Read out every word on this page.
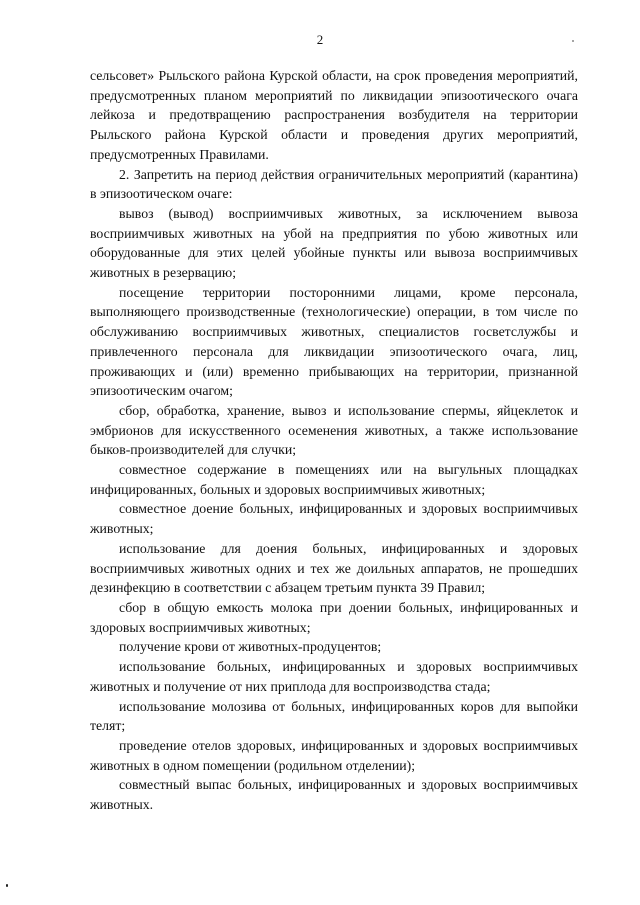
2

сельсовет» Рыльского района Курской области, на срок проведения мероприятий, предусмотренных планом мероприятий по ликвидации эпизоотического очага лейкоза и предотвращению распространения возбудителя на территории Рыльского района Курской области и проведения других мероприятий, предусмотренных Правилами.

2. Запретить на период действия ограничительных мероприятий (карантина) в эпизоотическом очаге:

вывоз (вывод) восприимчивых животных, за исключением вывоза восприимчивых животных на убой на предприятия по убою животных или оборудованные для этих целей убойные пункты или вывоза восприимчивых животных в резервацию;

посещение территории посторонними лицами, кроме персонала, выполняющего производственные (технологические) операции, в том числе по обслуживанию восприимчивых животных, специалистов госветслужбы и привлеченного персонала для ликвидации эпизоотического очага, лиц, проживающих и (или) временно прибывающих на территории, признанной эпизоотическим очагом;

сбор, обработка, хранение, вывоз и использование спермы, яйцеклеток и эмбрионов для искусственного осеменения животных, а также использование быков-производителей для случки;

совместное содержание в помещениях или на выгульных площадках инфицированных, больных и здоровых восприимчивых животных;

совместное доение больных, инфицированных и здоровых восприимчивых животных;

использование для доения больных, инфицированных и здоровых восприимчивых животных одних и тех же доильных аппаратов, не прошедших дезинфекцию в соответствии с абзацем третьим пункта 39 Правил;

сбор в общую емкость молока при доении больных, инфицированных и здоровых восприимчивых животных;

получение крови от животных-продуцентов;

использование больных, инфицированных и здоровых восприимчивых животных и получение от них приплода для воспроизводства стада;

использование молозива от больных, инфицированных коров для выпойки телят;

проведение отелов здоровых, инфицированных и здоровых восприимчивых животных в одном помещении (родильном отделении);

совместный выпас больных, инфицированных и здоровых восприимчивых животных.
